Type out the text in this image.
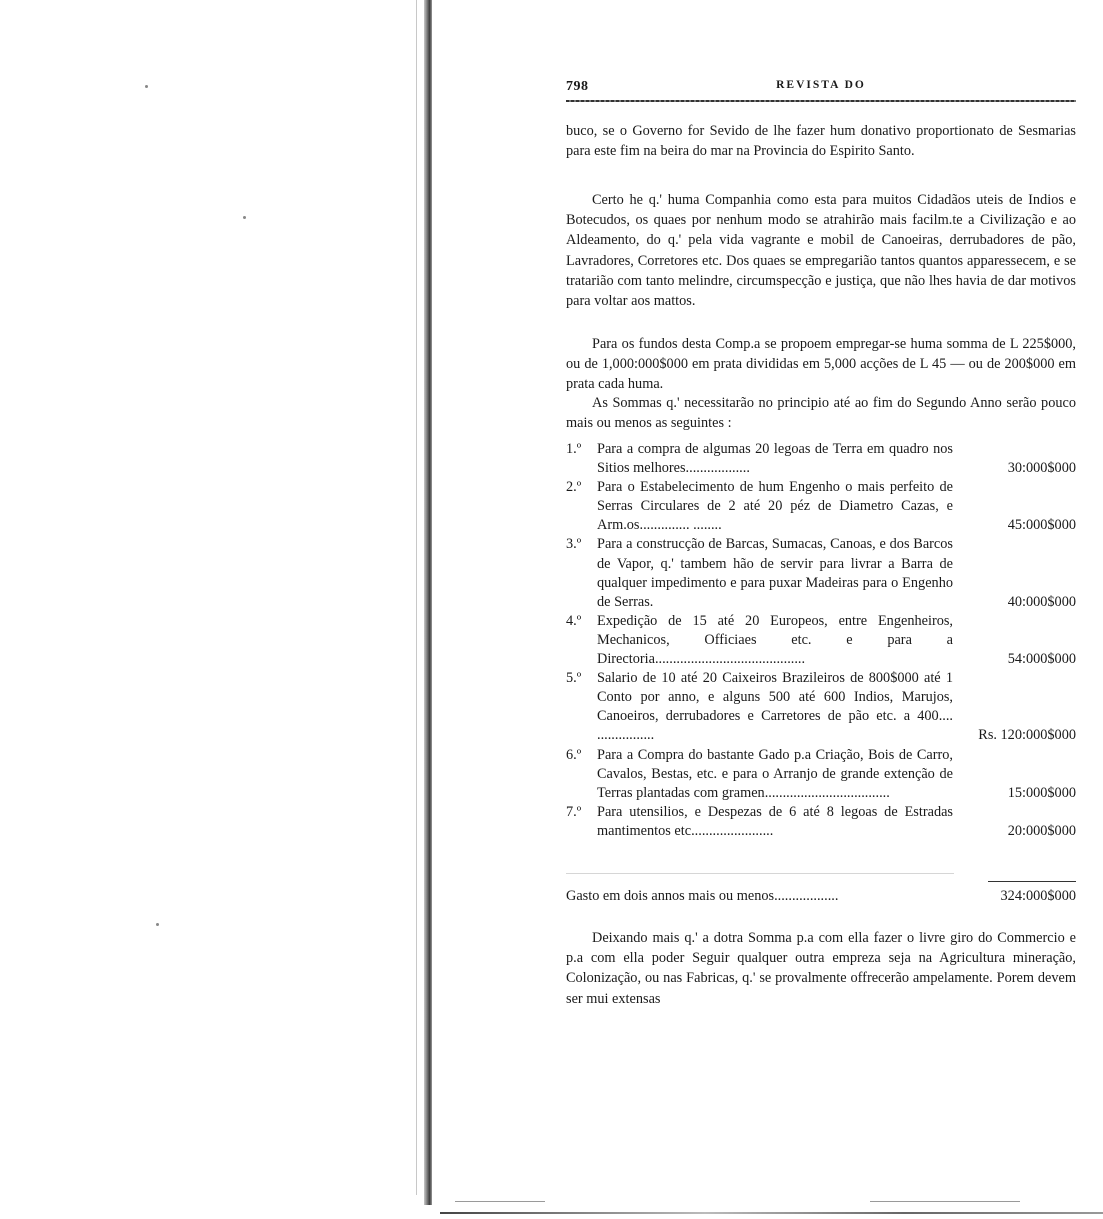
798	REVISTA DO

buco, se o Governo for Sevido de lhe fazer hum donativo proportionato de Sesmarias para este fim na beira do mar na Provincia do Espirito Santo.

Certo he q.' huma Companhia como esta para muitos Cidadãos uteis de Indios e Botecudos, os quaes por nenhum modo se atrahirão mais facilm.te a Civilização e ao Aldeamento, do q.' pela vida vagrante e mobil de Canoeiras, derrubadores de pão, Lavradores, Corretores etc. Dos quaes se empregarião tantos quantos apparessecem, e se tratarião com tanto melindre, circumspecção e justiça, que não lhes havia de dar motivos para voltar aos mattos.

Para os fundos desta Comp.a se propoem empregar-se huma somma de L 225$000, ou de 1,000:000$000 em prata divididas em 5,000 acções de L 45 — ou de 200$000 em prata cada huma.

As Sommas q.' necessitarão no principio até ao fim do Segundo Anno serão pouco mais ou menos as seguintes :

1.º Para a compra de algumas 20 legoas de Terra em quadro nos Sitios melhores..................	30:000$000
2.º Para o Estabelecimento de hum Engenho o mais perfeito de Serras Circulares de 2 até 20 péz de Diametro Cazas, e Arm.os.............. ........	45:000$000
3.º Para a construcção de Barcas, Sumacas, Canoas, e dos Barcos de Vapor, q.' tambem hão de servir para livrar a Barra de qualquer impedimento e para puxar Madeiras para o Engenho de Serras.	40:000$000
4.º Expedição de 15 até 20 Europeos, entre Engenheiros, Mechanicos, Officiaes etc. e para a Directoria..........................................	54:000$000
5.º Salario de 10 até 20 Caixeiros Brazileiros de 800$000 até 1 Conto por anno, e alguns 500 até 600 Indios, Marujos, Canoeiros, derrubadores e Carretores de pão etc. a 400.... ................	Rs. 120:000$000
6.º Para a Compra do bastante Gado p.a Criação, Bois de Carro, Cavalos, Bestas, etc. e para o Arranjo de grande extenção de Terras plantadas com gramen...................................	15:000$000
7.º Para utensilios, e Despezas de 6 até 8 legoas de Estradas mantimentos etc.......................	20:000$000
Gasto em dois annos mais ou menos..................	324:000$000

Deixando mais q.' a dotra Somma p.a com ella fazer o livre giro do Commercio e p.a com ella poder Seguir qualquer outra empreza seja na Agricultura mineração, Colonização, ou nas Fabricas, q.' se provalmente offrecerão ampelamente. Porem devem ser mui extensas
